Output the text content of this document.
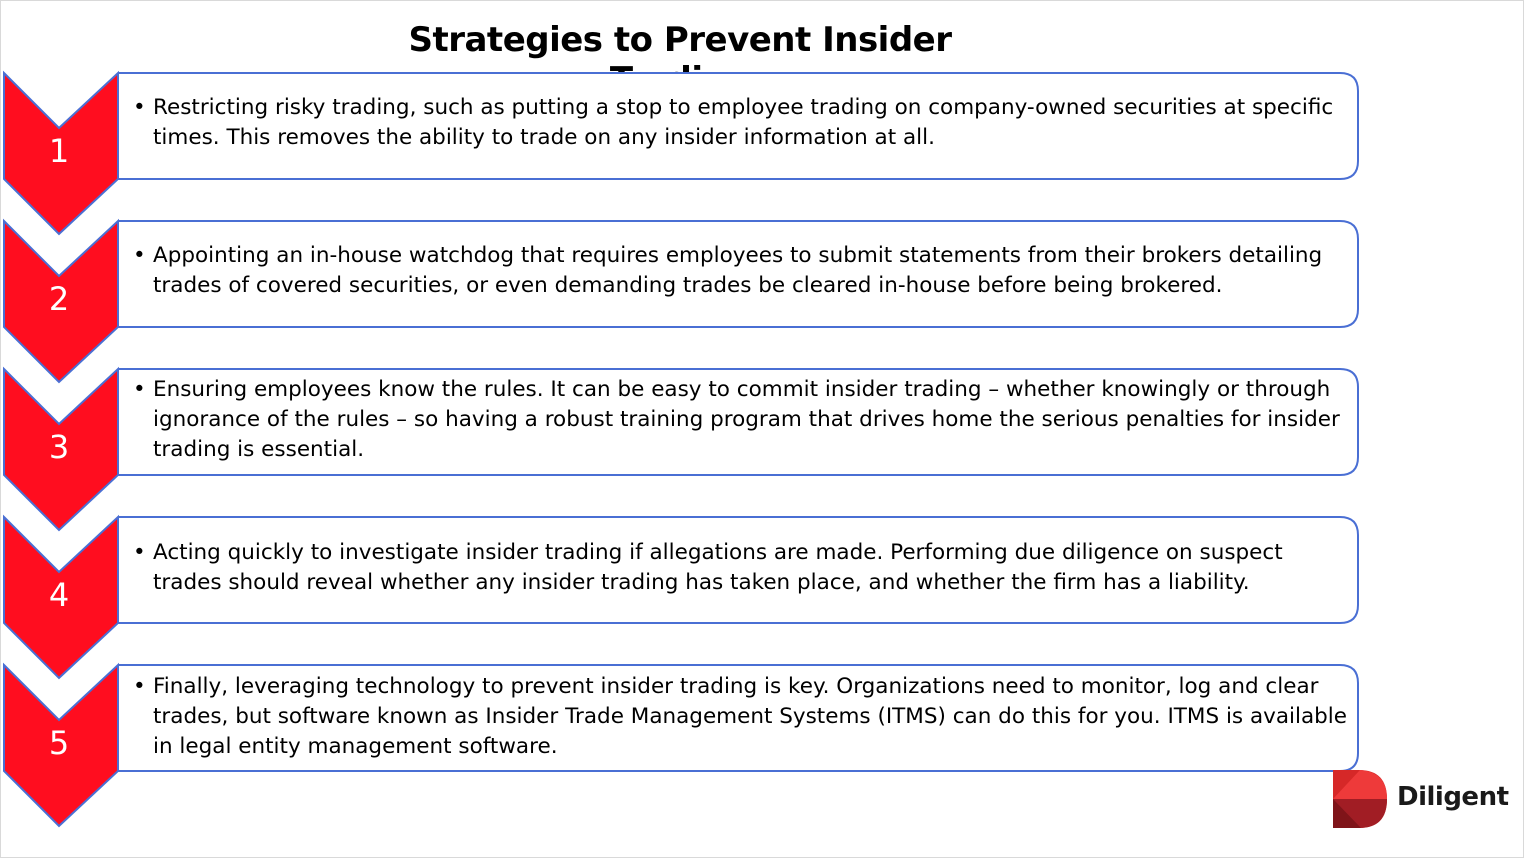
Strategies to Prevent Insider
1
2
3
4
5
• Restricting risky trading, such as putting a stop to employee trading on company-owned securities at specific times. This removes the ability to trade on any insider information at all.
• Appointing an in-house watchdog that requires employees to submit statements from their brokers detailing trades of covered securities, or even demanding trades be cleared in-house before being brokered.
• Ensuring employees know the rules. It can be easy to commit insider trading – whether knowingly or through ignorance of the rules – so having a robust training program that drives home the serious penalties for insider trading is essential.
• Acting quickly to investigate insider trading if allegations are made. Performing due diligence on suspect trades should reveal whether any insider trading has taken place, and whether the firm has a liability.
• Finally, leveraging technology to prevent insider trading is key. Organizations need to monitor, log and clear trades, but software known as Insider Trade Management Systems (ITMS) can do this for you. ITMS is available in legal entity management software.
Diligent
